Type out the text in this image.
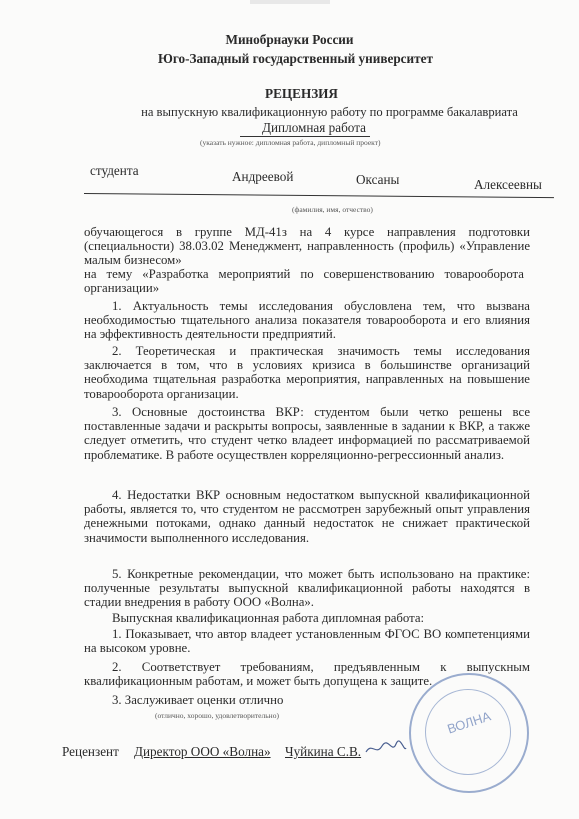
Минобрнауки России
Юго-Западный государственный университет
РЕЦЕНЗИЯ
на выпускную квалификационную работу по программе бакалавриата
Дипломная работа
(указать нужное: дипломная работа, дипломный проект)
студента	Андреевой	Оксаны	Алексеевны
(фамилия, имя, отчество)
обучающегося в группе МД-41з на 4 курсе направления подготовки (специальности) 38.03.02 Менеджмент, направленность (профиль) «Управление малым бизнесом»
на тему «Разработка мероприятий по совершенствованию товарооборота организации»
1. Актуальность темы исследования обусловлена тем, что вызвана необходимостью тщательного анализа показателя товарооборота и его влияния на эффективность деятельности предприятий.
2. Теоретическая и практическая значимость темы исследования заключается в том, что в условиях кризиса в большинстве организаций необходима тщательная разработка мероприятия, направленных на повышение товарооборота организации.
3. Основные достоинства ВКР: студентом были четко решены все поставленные задачи и раскрыты вопросы, заявленные в задании к ВКР, а также следует отметить, что студент четко владеет информацией по рассматриваемой проблематике. В работе осуществлен корреляционно-регрессионный анализ.
4. Недостатки ВКР основным недостатком выпускной квалификационной работы, является то, что студентом не рассмотрен зарубежный опыт управления денежными потоками, однако данный недостаток не снижает практической значимости выполненного исследования.
5. Конкретные рекомендации, что может быть использовано на практике: полученные результаты выпускной квалификационной работы находятся в стадии внедрения в работу ООО «Волна».
Выпускная квалификационная работа дипломная работа:
1. Показывает, что автор владеет установленным ФГОС ВО компетенциями на высоком уровне.
2. Соответствует требованиям, предъявленным к выпускным квалификационным работам, и может быть допущена к защите.
3. Заслуживает оценки отлично
(отлично, хорошо, удовлетворительно)
Рецензент Директор ООО «Волна» Чуйкина С.В.
ВОЛНА
